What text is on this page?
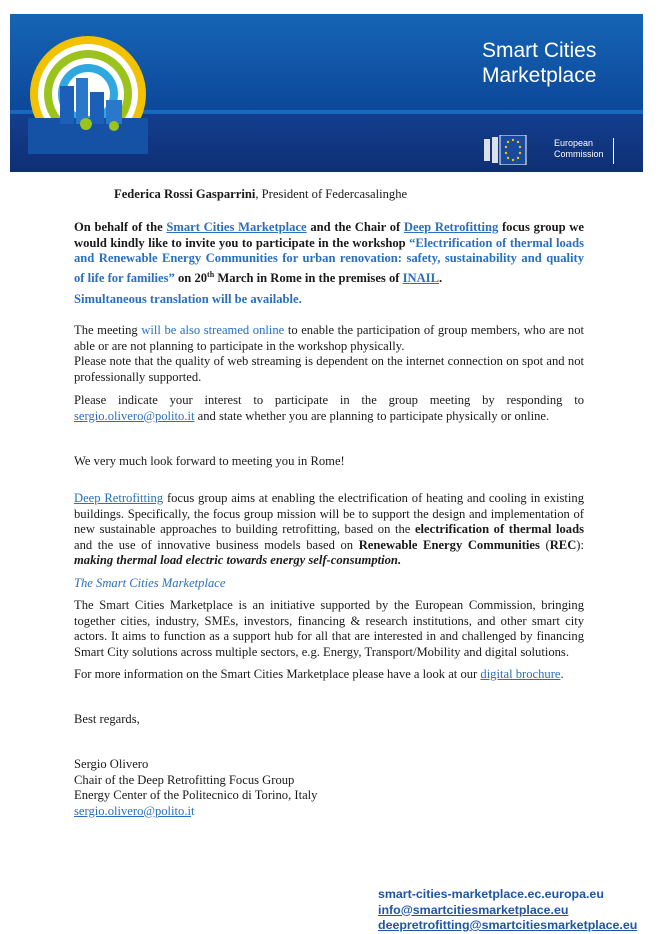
Smart Cities
Marketplace
European
Commission

Federica Rossi Gasparrini, President of Federcasalinghe

On behalf of the Smart Cities Marketplace and the Chair of Deep Retrofitting focus group we would kindly like to invite you to participate in the workshop “Electrification of thermal loads and Renewable Energy Communities for urban renovation: safety, sustainability and quality of life for families” on 20th March in Rome in the premises of INAIL.

Simultaneous translation will be available.

The meeting will be also streamed online to enable the participation of group members, who are not able or are not planning to participate in the workshop physically.
Please note that the quality of web streaming is dependent on the internet connection on spot and not professionally supported.

Please indicate your interest to participate in the group meeting by responding to sergio.olivero@polito.it and state whether you are planning to participate physically or online.

We very much look forward to meeting you in Rome!

Deep Retrofitting focus group aims at enabling the electrification of heating and cooling in existing buildings. Specifically, the focus group mission will be to support the design and implementation of new sustainable approaches to building retrofitting, based on the electrification of thermal loads and the use of innovative business models based on Renewable Energy Communities (REC): making thermal load electric towards energy self-consumption.

The Smart Cities Marketplace

The Smart Cities Marketplace is an initiative supported by the European Commission, bringing together cities, industry, SMEs, investors, financing & research institutions, and other smart city actors. It aims to function as a support hub for all that are interested in and challenged by financing Smart City solutions across multiple sectors, e.g. Energy, Transport/Mobility and digital solutions.

For more information on the Smart Cities Marketplace please have a look at our digital brochure.

Best regards,

Sergio Olivero
Chair of the Deep Retrofitting Focus Group
Energy Center of the Politecnico di Torino, Italy
sergio.olivero@polito.it
smart-cities-marketplace.ec.europa.eu
info@smartcitiesmarketplace.eu
deepretrofitting@smartcitiesmarketplace.eu
